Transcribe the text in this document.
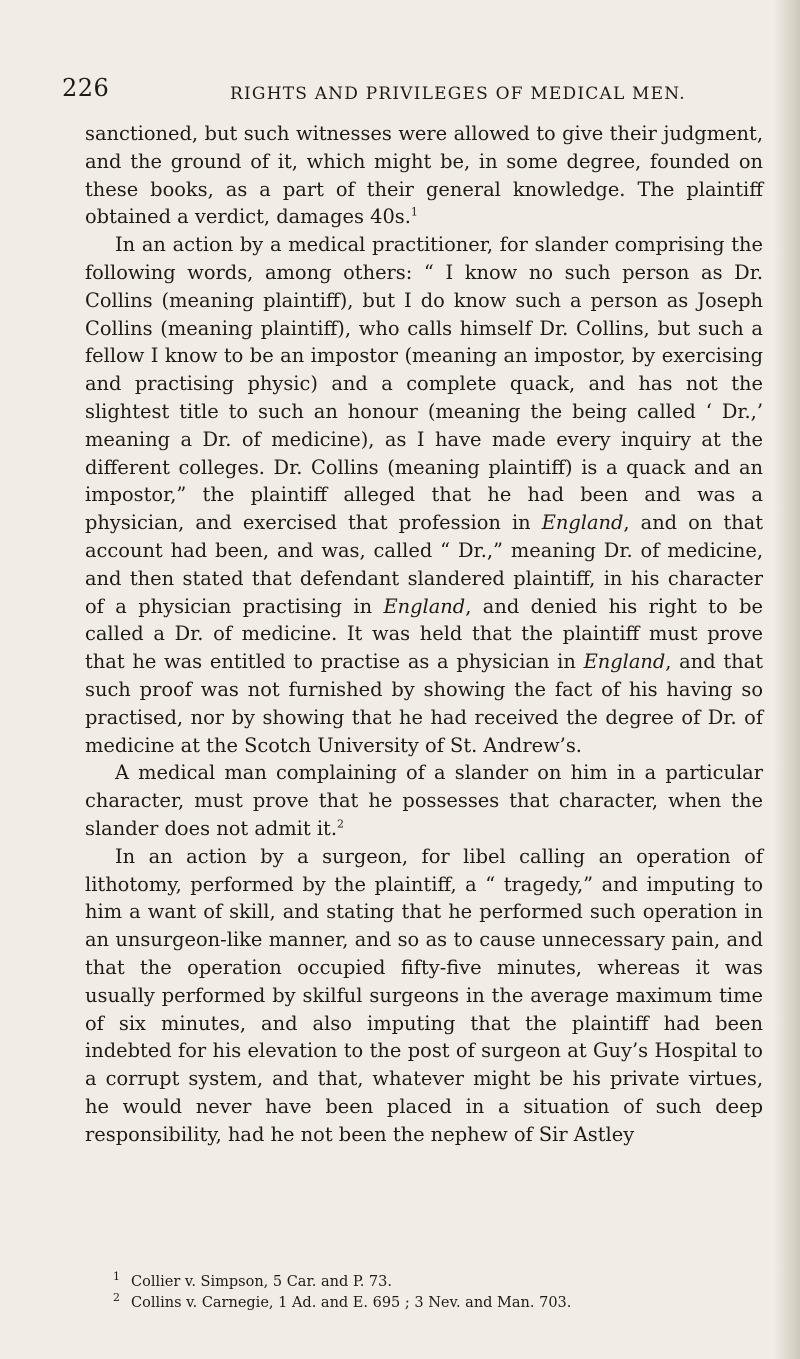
226	RIGHTS AND PRIVILEGES OF MEDICAL MEN.

sanctioned, but such witnesses were allowed to give their judgment, and the ground of it, which might be, in some degree, founded on these books, as a part of their general knowledge. The plaintiff obtained a verdict, damages 40s.$^1$

In an action by a medical practitioner, for slander comprising the following words, among others: “ I know no such person as Dr. Collins (meaning plaintiff), but I do know such a person as Joseph Collins (meaning plaintiff), who calls himself Dr. Collins, but such a fellow I know to be an impostor (meaning an impostor, by exercising and practising physic) and a complete quack, and has not the slightest title to such an honour (meaning the being called ‘ Dr.,’ meaning a Dr. of medicine), as I have made every inquiry at the different colleges. Dr. Collins (meaning plaintiff) is a quack and an impostor,” the plaintiff alleged that he had been and was a physician, and exercised that profession in England, and on that account had been, and was, called “ Dr.,” meaning Dr. of medicine, and then stated that defendant slandered plaintiff, in his character of a physician practising in England, and denied his right to be called a Dr. of medicine. It was held that the plaintiff must prove that he was entitled to practise as a physician in England, and that such proof was not furnished by showing the fact of his having so practised, nor by showing that he had received the degree of Dr. of medicine at the Scotch University of St. Andrew’s.

A medical man complaining of a slander on him in a particular character, must prove that he possesses that character, when the slander does not admit it.$^2$

In an action by a surgeon, for libel calling an operation of lithotomy, performed by the plaintiff, a “ tragedy,” and imputing to him a want of skill, and stating that he performed such operation in an unsurgeon-like manner, and so as to cause unnecessary pain, and that the operation occupied fifty-five minutes, whereas it was usually performed by skilful surgeons in the average maximum time of six minutes, and also imputing that the plaintiff had been indebted for his elevation to the post of surgeon at Guy’s Hospital to a corrupt system, and that, whatever might be his private virtues, he would never have been placed in a situation of such deep responsibility, had he not been the nephew of Sir Astley

1 Collier v. Simpson, 5 Car. and P. 73.

2 Collins v. Carnegie, 1 Ad. and E. 695 ; 3 Nev. and Man. 703.
